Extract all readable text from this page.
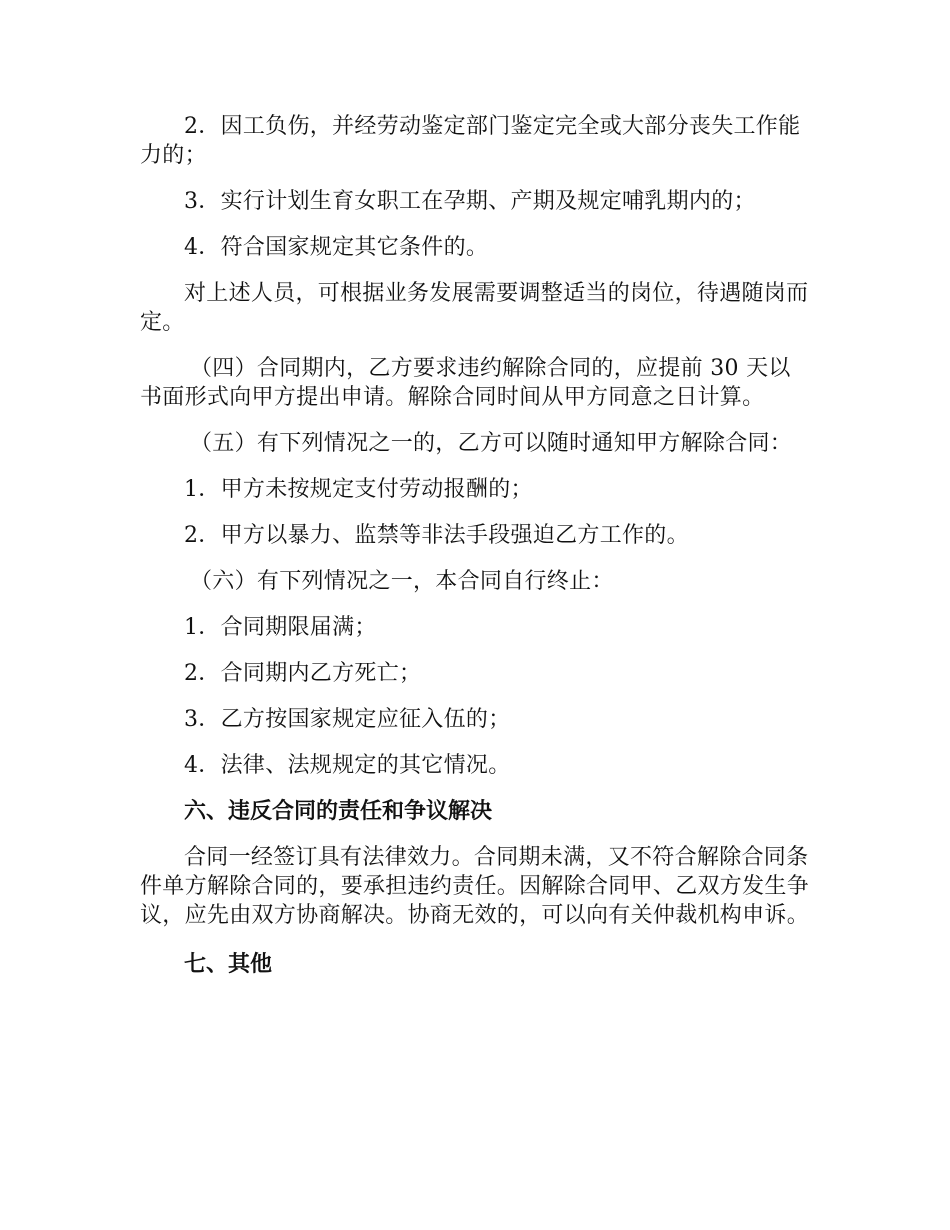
2．因工负伤，并经劳动鉴定部门鉴定完全或大部分丧失工作能力的；

3．实行计划生育女职工在孕期、产期及规定哺乳期内的；

4．符合国家规定其它条件的。

对上述人员，可根据业务发展需要调整适当的岗位，待遇随岗而定。

（四）合同期内，乙方要求违约解除合同的，应提前 30 天以书面形式向甲方提出申请。解除合同时间从甲方同意之日计算。

（五）有下列情况之一的，乙方可以随时通知甲方解除合同：

1．甲方未按规定支付劳动报酬的；

2．甲方以暴力、监禁等非法手段强迫乙方工作的。

（六）有下列情况之一，本合同自行终止：

1．合同期限届满；

2．合同期内乙方死亡；

3．乙方按国家规定应征入伍的；

4．法律、法规规定的其它情况。

六、违反合同的责任和争议解决

合同一经签订具有法律效力。合同期未满，又不符合解除合同条件单方解除合同的，要承担违约责任。因解除合同甲、乙双方发生争议，应先由双方协商解决。协商无效的，可以向有关仲裁机构申诉。

七、其他
